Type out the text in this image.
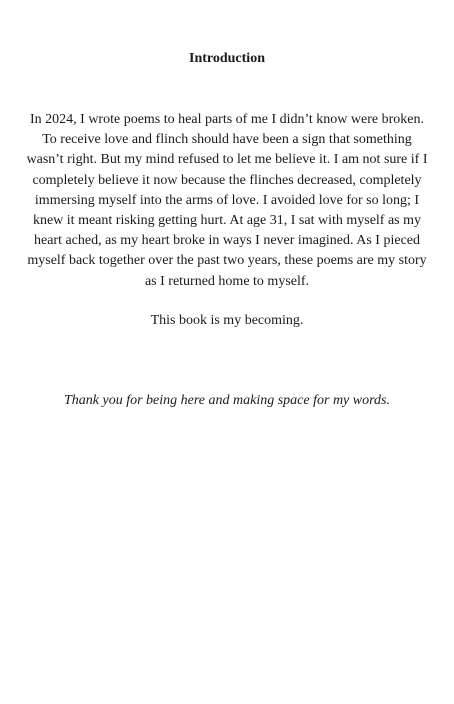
Introduction

In 2024, I wrote poems to heal parts of me I didn’t know were broken.
To receive love and flinch should have been a sign that something
wasn’t right. But my mind refused to let me believe it. I am not sure if I
completely believe it now because the flinches decreased, completely
immersing myself into the arms of love. I avoided love for so long; I
knew it meant risking getting hurt. At age 31, I sat with myself as my
heart ached, as my heart broke in ways I never imagined. As I pieced
myself back together over the past two years, these poems are my story
as I returned home to myself.

This book is my becoming.
Thank you for being here and making space for my words.
